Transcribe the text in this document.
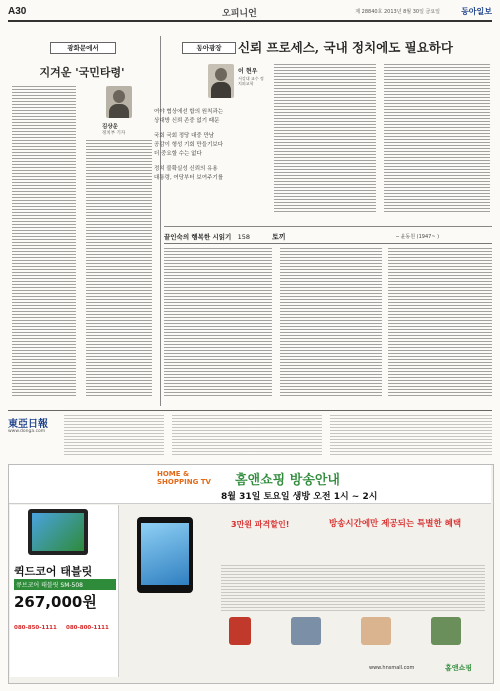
A30	오피니언	제 28840호 2013년 8월 30일 금요일	동아일보
광화문에서
지겨운 '국민타령'
김상운
정치부 기자
동아광장	신뢰 프로세스, 국내 정치에도 필요하다
이 현우
서강대 교수 정치외교학
여야 협상에선 합의 원칙과는
상대방 신뢰 존중 없기 때문
국회 국회 정당 대중 만남
공감이 형성 기회 만들기보다
더 중요할 수는 없다
정치 불확실성 신뢰의 유용
대통령, 여당부터 보여주기를
끝인숙의 행복한 시읽기 158	토끼	─ 윤동원 (1947~ )
東亞日報
www.donga.com
HOME & SHOPPING TV	홈앤쇼핑 방송안내
8월 31일 토요일 생방 오전 1시 ~ 2시
퀵드코어 태블릿
큐브코어 태블릿 SM-508
267,000원
080-850-1111 080-800-1111
3만원 파격할인!	방송시간에만 제공되는 특별한 혜택
www.hnsmall.com	홈앤쇼핑
